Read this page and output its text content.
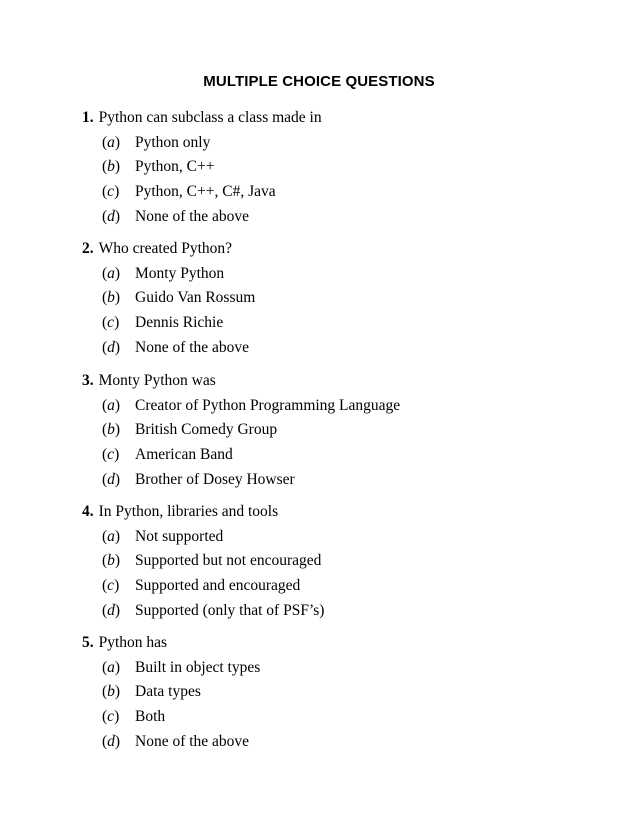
MULTIPLE CHOICE QUESTIONS
1. Python can subclass a class made in
(a) Python only
(b) Python, C++
(c) Python, C++, C#, Java
(d) None of the above
2. Who created Python?
(a) Monty Python
(b) Guido Van Rossum
(c) Dennis Richie
(d) None of the above
3. Monty Python was
(a) Creator of Python Programming Language
(b) British Comedy Group
(c) American Band
(d) Brother of Dosey Howser
4. In Python, libraries and tools
(a) Not supported
(b) Supported but not encouraged
(c) Supported and encouraged
(d) Supported (only that of PSF’s)
5. Python has
(a) Built in object types
(b) Data types
(c) Both
(d) None of the above
